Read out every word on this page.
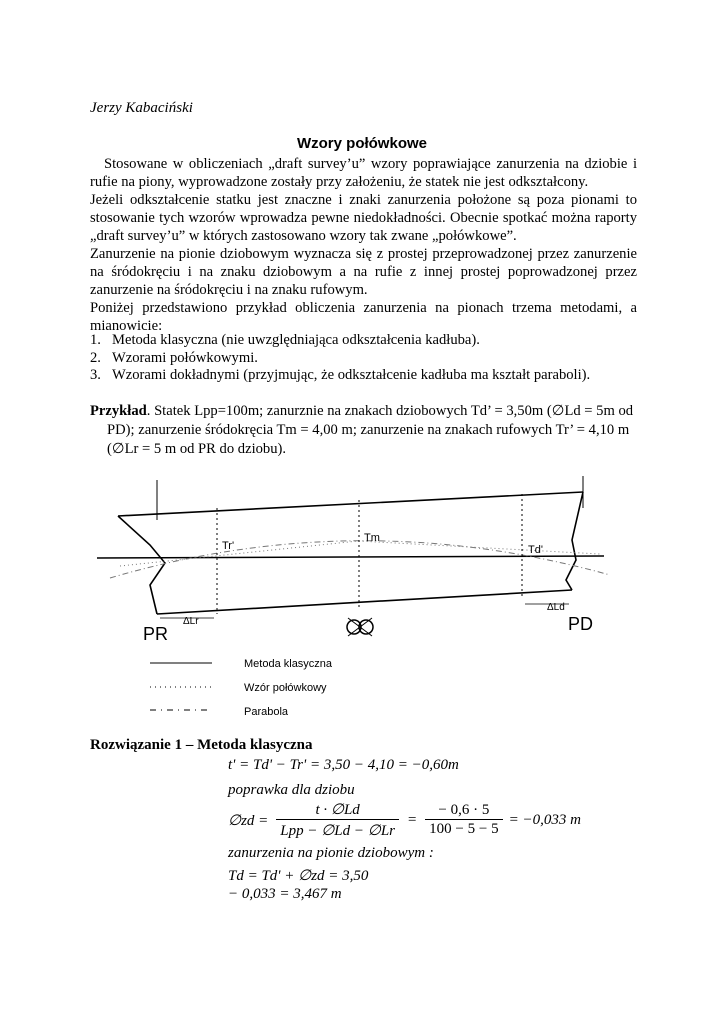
Jerzy Kabaciński
Wzory połówkowe

Stosowane w obliczeniach „draft survey’u” wzory poprawiające zanurzenia na dziobie i rufie na piony, wyprowadzone zostały przy założeniu, że statek nie jest odkształcony.

Jeżeli odkształcenie statku jest znaczne i znaki zanurzenia położone są poza pionami to stosowanie tych wzorów wprowadza pewne niedokładności. Obecnie spotkać można raporty „draft survey’u” w których zastosowano wzory tak zwane „połówkowe”.

Zanurzenie na pionie dziobowym wyznacza się z prostej przeprowadzonej przez zanurzenie na śródokręciu i na znaku dziobowym a na rufie z innej prostej poprowadzonej przez zanurzenie na śródokręciu i na znaku rufowym.

Poniżej przedstawiono przykład obliczenia zanurzenia na pionach trzema metodami, a mianowicie:

1. Metoda klasyczna (nie uwzględniająca odkształcenia kadłuba).
2. Wzorami połówkowymi.
3. Wzorami dokładnymi (przyjmując, że odkształcenie kadłuba ma kształt paraboli).
Przykład. Statek Lpp=100m; zanurznie na znakach dziobowych Td’ = 3,50m (∅Ld = 5m od PD); zanurzenie śródokręcia Tm = 4,00 m; zanurzenie na znakach rufowych Tr’ = 4,10 m (∅Lr = 5 m od PR do dziobu).
Tr'
Tm
Td'
ΔLr
ΔLd
PR	PD
Metoda klasyczna
Wzór połówkowy
Parabola
Rozwiązanie 1 – Metoda klasyczna
t' = Td' − Tr' = 3,50 − 4,10 = −0,60m
poprawka dla dziobu
∅zd =
t · ∅Ld
Lpp − ∅Ld − ∅Lr
= $\frac{- 0,6 \cdot 5}{100 - 5 - 5} = -0,033$ m
zanurzenia na pionie dziobowym :
Td = Td' + ∅zd = 3,50
− 0,033 = 3,467 m
